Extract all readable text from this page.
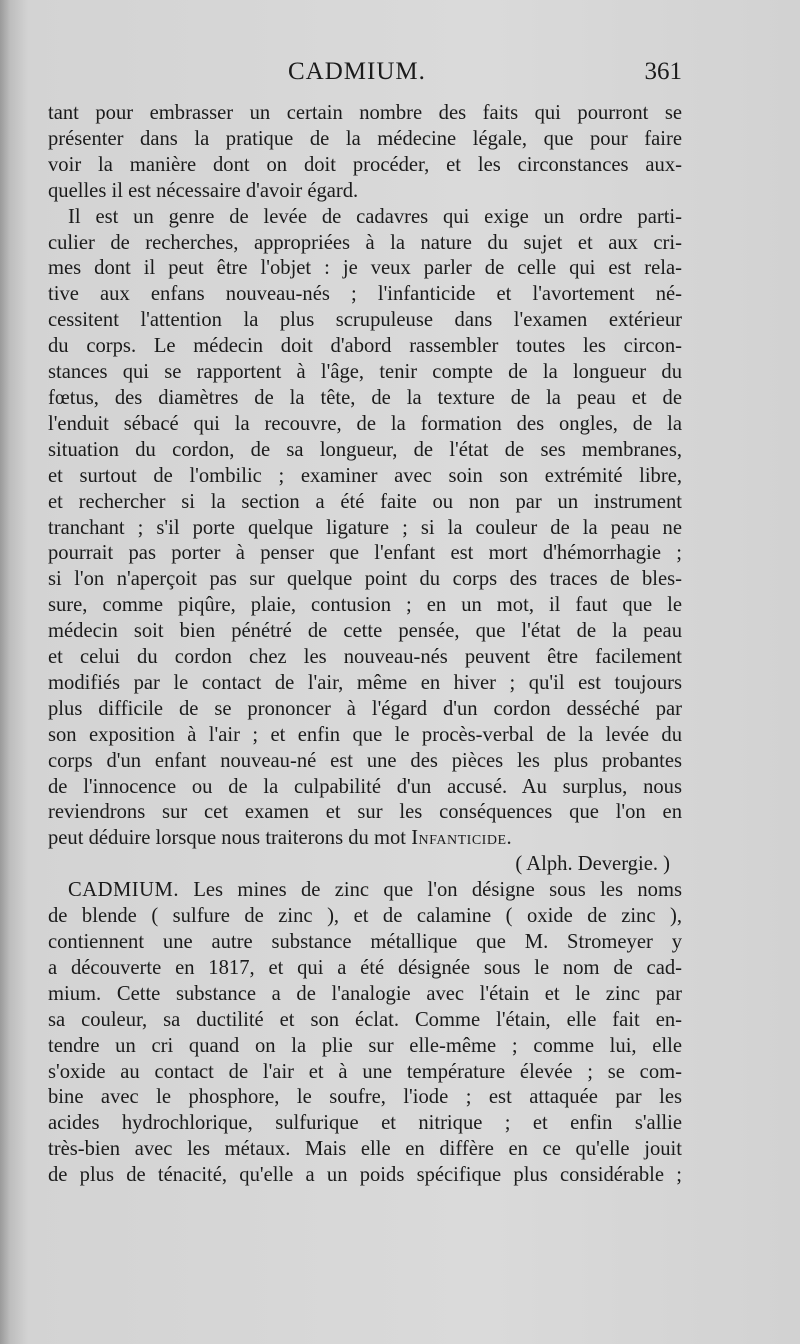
CADMIUM.	361
tant pour embrasser un certain nombre des faits qui pourront se
présenter dans la pratique de la médecine légale, que pour faire
voir la manière dont on doit procéder, et les circonstances aux-
quelles il est nécessaire d'avoir égard.
Il est un genre de levée de cadavres qui exige un ordre parti-
culier de recherches, appropriées à la nature du sujet et aux cri-
mes dont il peut être l'objet : je veux parler de celle qui est rela-
tive aux enfans nouveau-nés ; l'infanticide et l'avortement né-
cessitent l'attention la plus scrupuleuse dans l'examen extérieur
du corps. Le médecin doit d'abord rassembler toutes les circon-
stances qui se rapportent à l'âge, tenir compte de la longueur du
fœtus, des diamètres de la tête, de la texture de la peau et de
l'enduit sébacé qui la recouvre, de la formation des ongles, de la
situation du cordon, de sa longueur, de l'état de ses membranes,
et surtout de l'ombilic ; examiner avec soin son extrémité libre,
et rechercher si la section a été faite ou non par un instrument
tranchant ; s'il porte quelque ligature ; si la couleur de la peau ne
pourrait pas porter à penser que l'enfant est mort d'hémorrhagie ;
si l'on n'aperçoit pas sur quelque point du corps des traces de bles-
sure, comme piqûre, plaie, contusion ; en un mot, il faut que le
médecin soit bien pénétré de cette pensée, que l'état de la peau
et celui du cordon chez les nouveau-nés peuvent être facilement
modifiés par le contact de l'air, même en hiver ; qu'il est toujours
plus difficile de se prononcer à l'égard d'un cordon desséché par
son exposition à l'air ; et enfin que le procès-verbal de la levée du
corps d'un enfant nouveau-né est une des pièces les plus probantes
de l'innocence ou de la culpabilité d'un accusé. Au surplus, nous
reviendrons sur cet examen et sur les conséquences que l'on en
peut déduire lorsque nous traiterons du mot Infanticide.
( Alph. Devergie. )
CADMIUM. Les mines de zinc que l'on désigne sous les noms
de blende ( sulfure de zinc ), et de calamine ( oxide de zinc ),
contiennent une autre substance métallique que M. Stromeyer y
a découverte en 1817, et qui a été désignée sous le nom de cad-
mium. Cette substance a de l'analogie avec l'étain et le zinc par
sa couleur, sa ductilité et son éclat. Comme l'étain, elle fait en-
tendre un cri quand on la plie sur elle-même ; comme lui, elle
s'oxide au contact de l'air et à une température élevée ; se com-
bine avec le phosphore, le soufre, l'iode ; est attaquée par les
acides hydrochlorique, sulfurique et nitrique ; et enfin s'allie
très-bien avec les métaux. Mais elle en diffère en ce qu'elle jouit
de plus de ténacité, qu'elle a un poids spécifique plus considérable ;
